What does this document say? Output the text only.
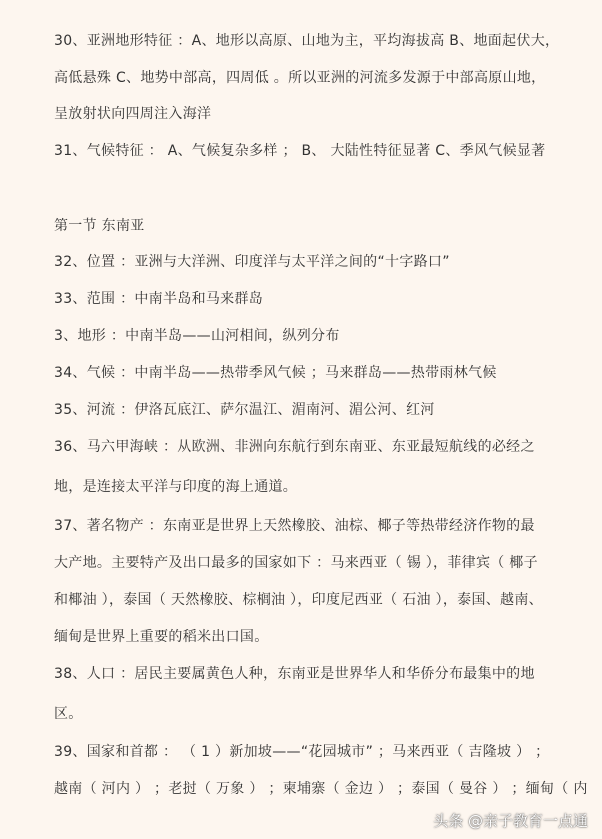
30、亚洲地形特征 ：A、地形以高原、山地为主，平均海拔高 B、地面起伏大，
高低悬殊 C、地势中部高，四周低 。所以亚洲的河流多发源于中部高原山地，
呈放射状向四周注入海洋
31、气候特征 ： A、气候复杂多样 ； B、 大陆性特征显著 C、季风气候显著
第一节 东南亚
32、位置 ：亚洲与大洋洲、印度洋与太平洋之间的“十字路口”
33、范围 ：中南半岛和马来群岛
3、地形 ：中南半岛——山河相间，纵列分布
34、气候 ：中南半岛——热带季风气候 ；马来群岛——热带雨林气候
35、河流 ：伊洛瓦底江、萨尔温江、湄南河、湄公河、红河
36、马六甲海峡 ：从欧洲、非洲向东航行到东南亚、东亚最短航线的必经之
地，是连接太平洋与印度的海上通道。
37、著名物产 ：东南亚是世界上天然橡胶、油棕、椰子等热带经济作物的最
大产地。主要特产及出口最多的国家如下 ：马来西亚（ 锡 ），菲律宾（ 椰子
和椰油 ），泰国（ 天然橡胶、棕榈油 ），印度尼西亚（ 石油 ），泰国、越南、
缅甸是世界上重要的稻米出口国。
38、人口 ：居民主要属黄色人种，东南亚是世界华人和华侨分布最集中的地
区。
39、国家和首都 ： （ 1 ）新加坡——“花园城市” ；马来西亚（ 吉隆坡 ） ；
越南（ 河内 ） ；老挝（ 万象 ） ；柬埔寨（ 金边 ） ；泰国（ 曼谷 ） ；缅甸（ 内
头条 @亲子教育一点通
